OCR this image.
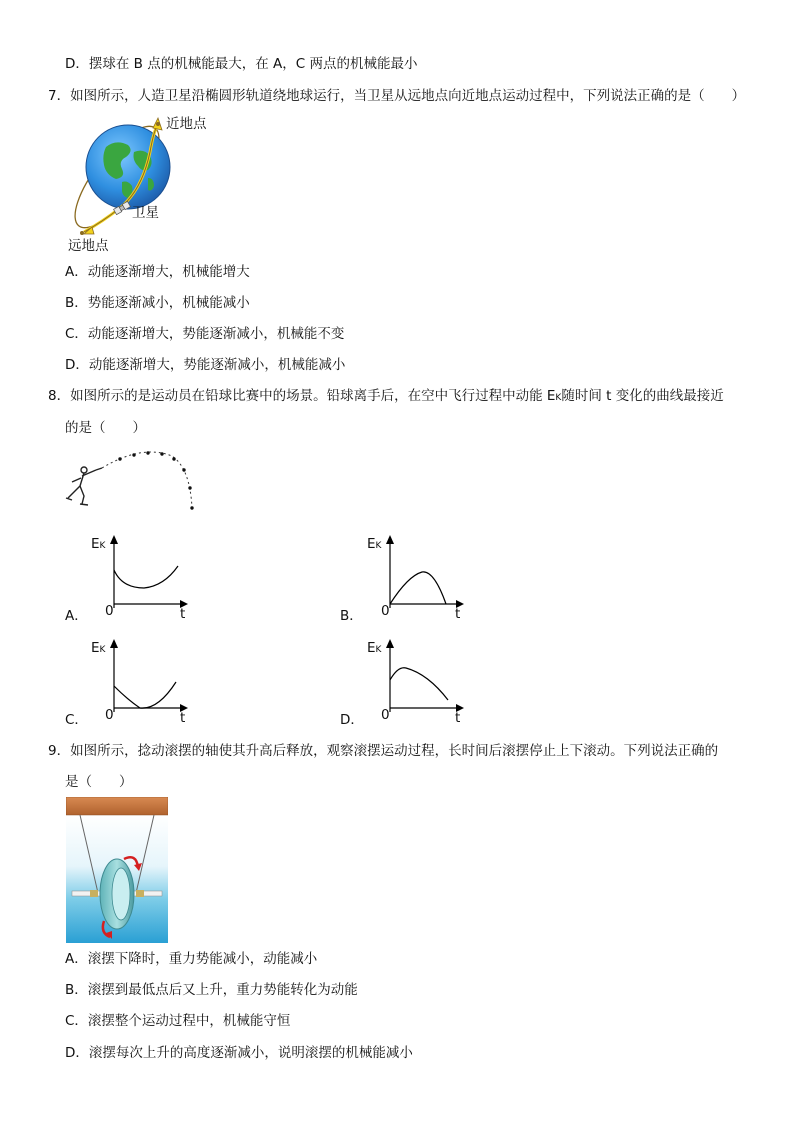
D．摆球在 B 点的机械能最大，在 A，C 两点的机械能最小
7．如图所示，人造卫星沿椭圆形轨道绕地球运行，当卫星从远地点向近地点运动过程中，下列说法正确的是（　　）
近地点
卫星
远地点
A．动能逐渐增大，机械能增大
B．势能逐渐减小，机械能减小
C．动能逐渐增大，势能逐渐减小，机械能不变
D．动能逐渐增大，势能逐渐减小，机械能减小
8．如图所示的是运动员在铅球比赛中的场景。铅球离手后，在空中飞行过程中动能 EK随时间 t 变化的曲线最接近
的是（　　）
EK
0	t
A．
EK
0	t
B．
EK
0	t
C．
EK
0	t
D．
9．如图所示，捻动滚摆的轴使其升高后释放，观察滚摆运动过程，长时间后滚摆停止上下滚动。下列说法正确的
是（　　）
A．滚摆下降时，重力势能减小，动能减小
B．滚摆到最低点后又上升，重力势能转化为动能
C．滚摆整个运动过程中，机械能守恒
D．滚摆每次上升的高度逐渐减小，说明滚摆的机械能减小
